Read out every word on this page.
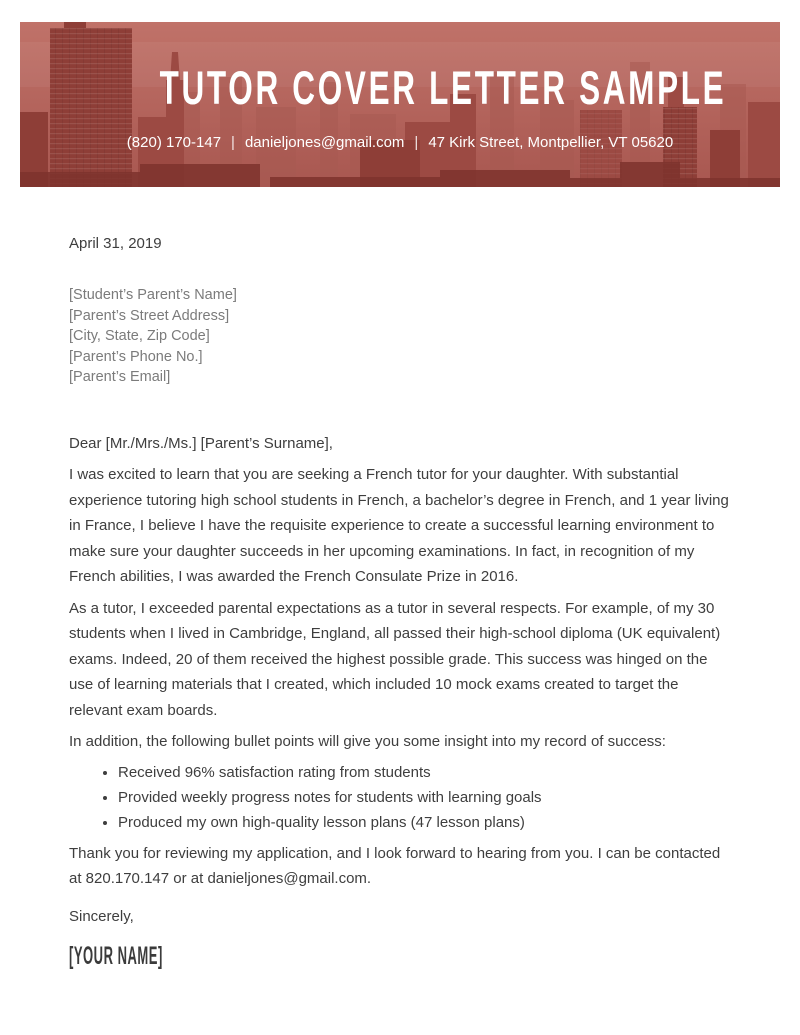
TUTOR COVER LETTER SAMPLE
(820) 170-147 | danieljones@gmail.com | 47 Kirk Street, Montpellier, VT 05620
April 31, 2019
[Student’s Parent’s Name]
[Parent’s Street Address]
[City, State, Zip Code]
[Parent’s Phone No.]
[Parent’s Email]

Dear [Mr./Mrs./Ms.] [Parent’s Surname],

I was excited to learn that you are seeking a French tutor for your daughter. With substantial experience tutoring high school students in French, a bachelor’s degree in French, and 1 year living in France, I believe I have the requisite experience to create a successful learning environment to make sure your daughter succeeds in her upcoming examinations. In fact, in recognition of my French abilities, I was awarded the French Consulate Prize in 2016.

As a tutor, I exceeded parental expectations as a tutor in several respects. For example, of my 30 students when I lived in Cambridge, England, all passed their high-school diploma (UK equivalent) exams. Indeed, 20 of them received the highest possible grade. This success was hinged on the use of learning materials that I created, which included 10 mock exams created to target the relevant exam boards.

In addition, the following bullet points will give you some insight into my record of success:

• Received 96% satisfaction rating from students
• Provided weekly progress notes for students with learning goals
• Produced my own high-quality lesson plans (47 lesson plans)

Thank you for reviewing my application, and I look forward to hearing from you. I can be contacted at 820.170.147 or at danieljones@gmail.com.

Sincerely,
[YOUR NAME]
